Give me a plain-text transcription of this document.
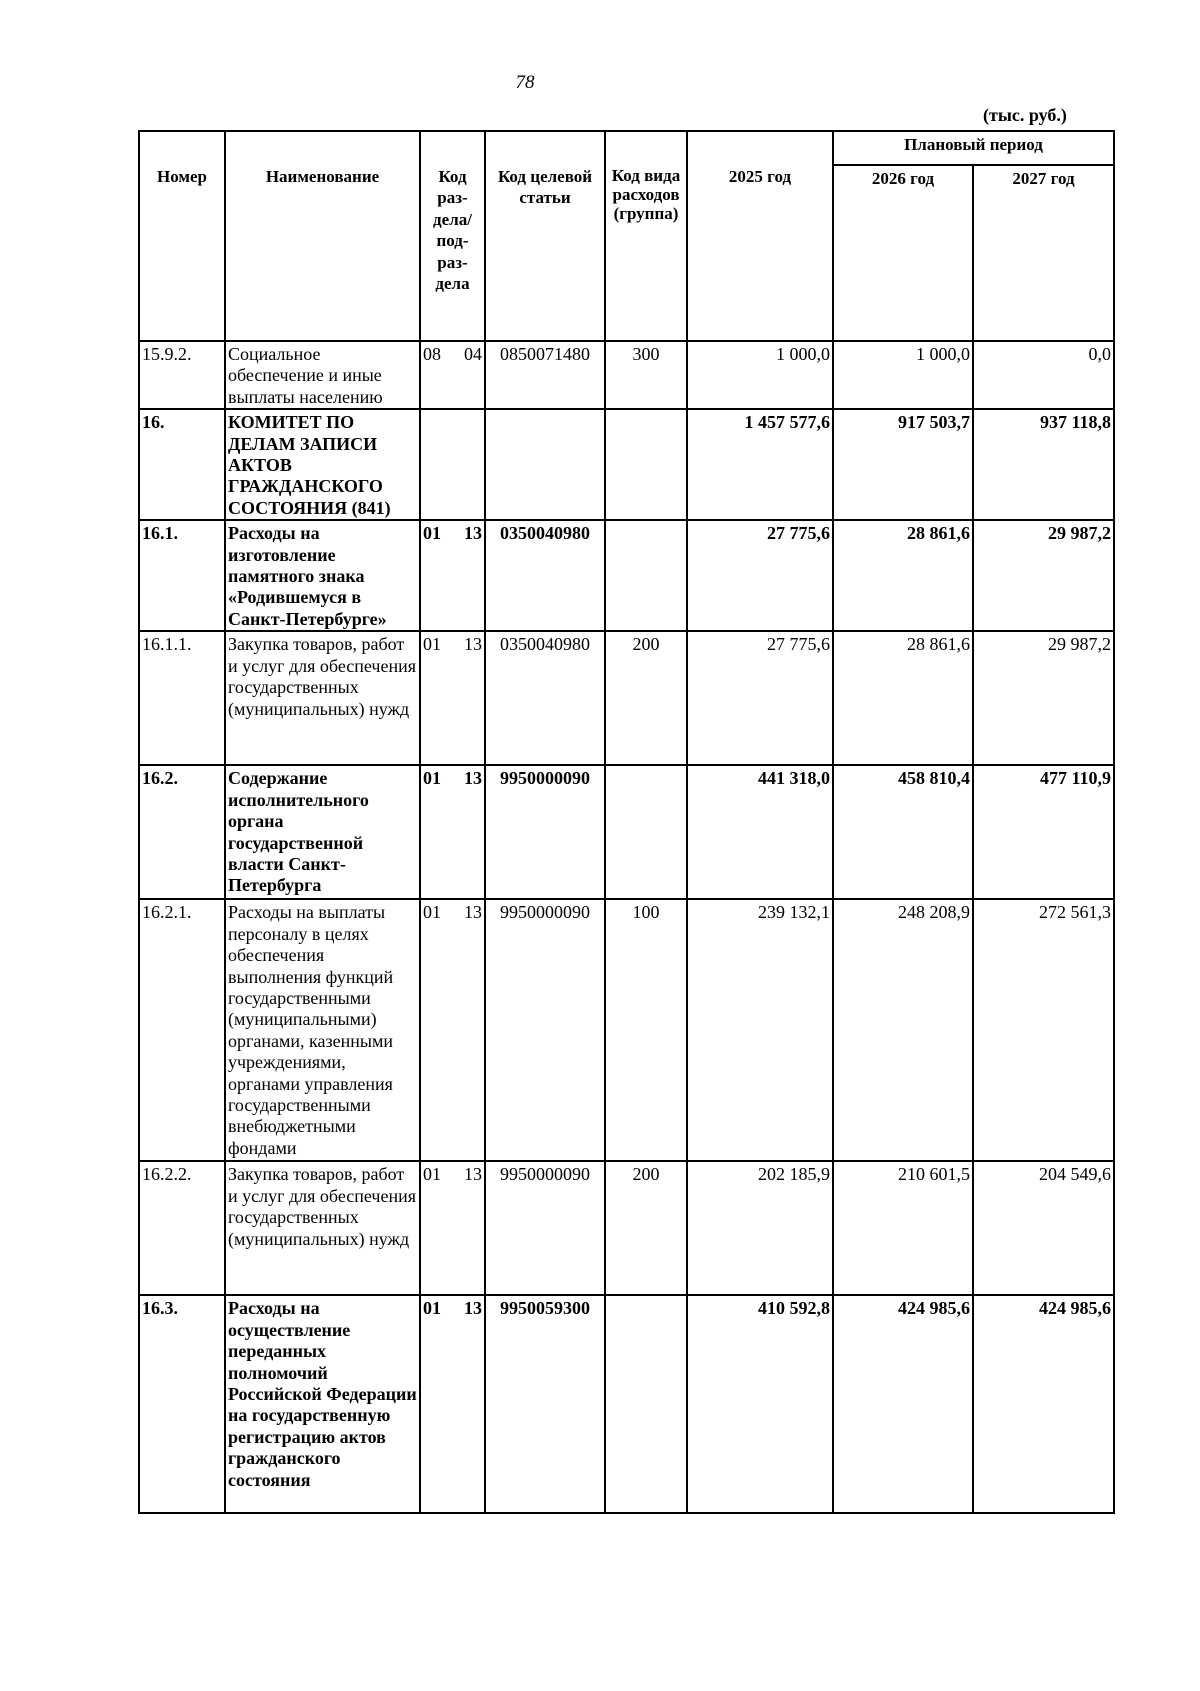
78
(тыс. руб.)
Номер	Наименование	Код раз- дела/ под- раз- дела	Код целевой статьи	Код вида расходов (группа)	2025 год	Плановый период	
						2026 год	2027 год
15.9.2.	Социальное обеспечение и иные выплаты населению	08 04	0850071480	300	1 000,0	1 000,0	0,0
16.	КОМИТЕТ ПО ДЕЛАМ ЗАПИСИ АКТОВ ГРАЖДАНСКОГО СОСТОЯНИЯ (841)				1 457 577,6	917 503,7	937 118,8
16.1.	Расходы на изготовление памятного знака «Родившемуся в Санкт-Петербурге»	01 13	0350040980		27 775,6	28 861,6	29 987,2
16.1.1.	Закупка товаров, работ и услуг для обеспечения государственных (муниципальных) нужд	01 13	0350040980	200	27 775,6	28 861,6	29 987,2
16.2.	Содержание исполнительного органа государственной власти Санкт-Петербурга	01 13	9950000090		441 318,0	458 810,4	477 110,9
16.2.1.	Расходы на выплаты персоналу в целях обеспечения выполнения функций государственными (муниципальными) органами, казенными учреждениями, органами управления государственными внебюджетными фондами	01 13	9950000090	100	239 132,1	248 208,9	272 561,3
16.2.2.	Закупка товаров, работ и услуг для обеспечения государственных (муниципальных) нужд	01 13	9950000090	200	202 185,9	210 601,5	204 549,6
16.3.	Расходы на осуществление переданных полномочий Российской Федерации на государственную регистрацию актов гражданского состояния	01 13	9950059300		410 592,8	424 985,6	424 985,6
